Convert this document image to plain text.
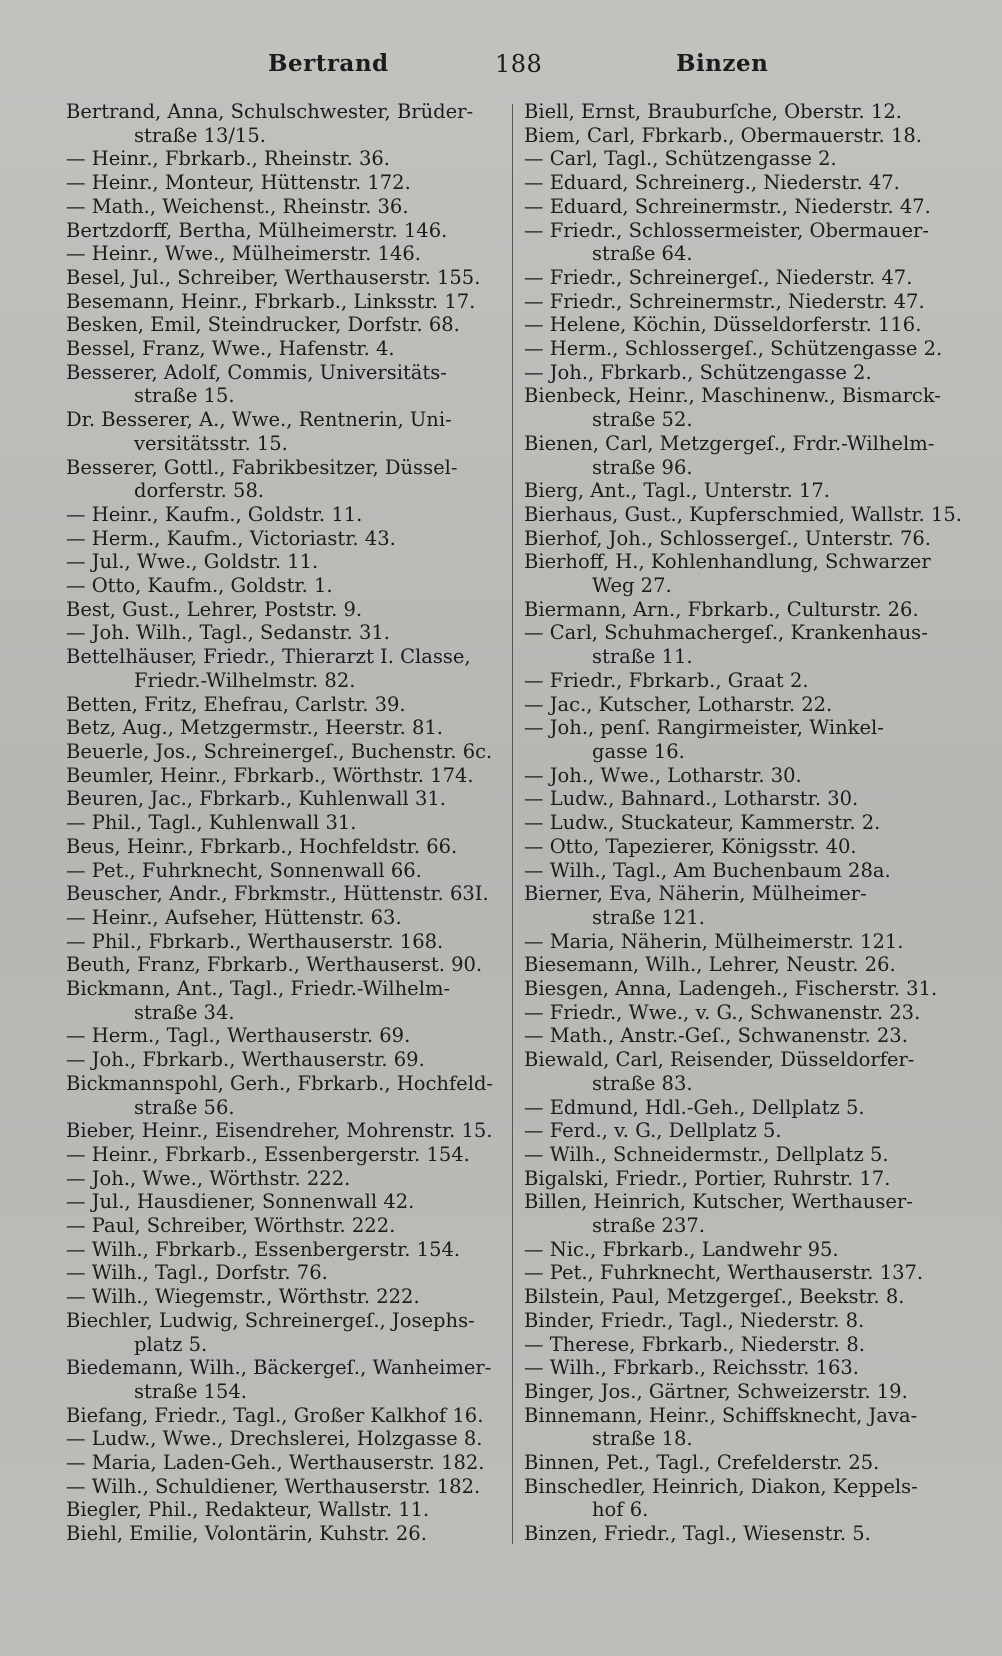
Bertrand	188	Binzen
Bertrand, Anna, Schulschwester, Brüder-
straße 13/15.
— Heinr., Fbrkarb., Rheinstr. 36.
— Heinr., Monteur, Hüttenstr. 172.
— Math., Weichenst., Rheinstr. 36.
Bertzdorff, Bertha, Mülheimerstr. 146.
— Heinr., Wwe., Mülheimerstr. 146.
Besel, Jul., Schreiber, Werthauserstr. 155.
Besemann, Heinr., Fbrkarb., Linksstr. 17.
Besken, Emil, Steindrucker, Dorfstr. 68.
Bessel, Franz, Wwe., Hafenstr. 4.
Besserer, Adolf, Commis, Universitäts-
straße 15.
Dr. Besserer, A., Wwe., Rentnerin, Uni-
versitätsstr. 15.
Besserer, Gottl., Fabrikbesitzer, Düssel-
dorferstr. 58.
— Heinr., Kaufm., Goldstr. 11.
— Herm., Kaufm., Victoriastr. 43.
— Jul., Wwe., Goldstr. 11.
— Otto, Kaufm., Goldstr. 1.
Best, Gust., Lehrer, Poststr. 9.
— Joh. Wilh., Tagl., Sedanstr. 31.
Bettelhäuser, Friedr., Thierarzt I. Classe,
Friedr.-Wilhelmstr. 82.
Betten, Fritz, Ehefrau, Carlstr. 39.
Betz, Aug., Metzgermstr., Heerstr. 81.
Beuerle, Jos., Schreinergeſ., Buchenstr. 6c.
Beumler, Heinr., Fbrkarb., Wörthstr. 174.
Beuren, Jac., Fbrkarb., Kuhlenwall 31.
— Phil., Tagl., Kuhlenwall 31.
Beus, Heinr., Fbrkarb., Hochfeldstr. 66.
— Pet., Fuhrknecht, Sonnenwall 66.
Beuscher, Andr., Fbrkmstr., Hüttenstr. 63I.
— Heinr., Aufseher, Hüttenstr. 63.
— Phil., Fbrkarb., Werthauserstr. 168.
Beuth, Franz, Fbrkarb., Werthauserst. 90.
Bickmann, Ant., Tagl., Friedr.-Wilhelm-
straße 34.
— Herm., Tagl., Werthauserstr. 69.
— Joh., Fbrkarb., Werthauserstr. 69.
Bickmannspohl, Gerh., Fbrkarb., Hochfeld-
straße 56.
Bieber, Heinr., Eisendreher, Mohrenstr. 15.
— Heinr., Fbrkarb., Essenbergerstr. 154.
— Joh., Wwe., Wörthstr. 222.
— Jul., Hausdiener, Sonnenwall 42.
— Paul, Schreiber, Wörthstr. 222.
— Wilh., Fbrkarb., Essenbergerstr. 154.
— Wilh., Tagl., Dorfstr. 76.
— Wilh., Wiegemstr., Wörthstr. 222.
Biechler, Ludwig, Schreinergeſ., Josephs-
platz 5.
Biedemann, Wilh., Bäckergeſ., Wanheimer-
straße 154.
Biefang, Friedr., Tagl., Großer Kalkhof 16.
— Ludw., Wwe., Drechslerei, Holzgasse 8.
— Maria, Laden-Geh., Werthauserstr. 182.
— Wilh., Schuldiener, Werthauserstr. 182.
Biegler, Phil., Redakteur, Wallstr. 11.
Biehl, Emilie, Volontärin, Kuhstr. 26.
Biell, Ernst, Brauburſche, Oberstr. 12.
Biem, Carl, Fbrkarb., Obermauerstr. 18.
— Carl, Tagl., Schützengasse 2.
— Eduard, Schreinerg., Niederstr. 47.
— Eduard, Schreinermstr., Niederstr. 47.
— Friedr., Schlossermeister, Obermauer-
straße 64.
— Friedr., Schreinergeſ., Niederstr. 47.
— Friedr., Schreinermstr., Niederstr. 47.
— Helene, Köchin, Düsseldorferstr. 116.
— Herm., Schlossergeſ., Schützengasse 2.
— Joh., Fbrkarb., Schützengasse 2.
Bienbeck, Heinr., Maschinenw., Bismarck-
straße 52.
Bienen, Carl, Metzgergeſ., Frdr.-Wilhelm-
straße 96.
Bierg, Ant., Tagl., Unterstr. 17.
Bierhaus, Gust., Kupferschmied, Wallstr. 15.
Bierhof, Joh., Schlossergeſ., Unterstr. 76.
Bierhoff, H., Kohlenhandlung, Schwarzer
Weg 27.
Biermann, Arn., Fbrkarb., Culturstr. 26.
— Carl, Schuhmachergeſ., Krankenhaus-
straße 11.
— Friedr., Fbrkarb., Graat 2.
— Jac., Kutscher, Lotharstr. 22.
— Joh., penſ. Rangirmeister, Winkel-
gasse 16.
— Joh., Wwe., Lotharstr. 30.
— Ludw., Bahnard., Lotharstr. 30.
— Ludw., Stuckateur, Kammerstr. 2.
— Otto, Tapezierer, Königsstr. 40.
— Wilh., Tagl., Am Buchenbaum 28a.
Bierner, Eva, Näherin, Mülheimer-
straße 121.
— Maria, Näherin, Mülheimerstr. 121.
Biesemann, Wilh., Lehrer, Neustr. 26.
Biesgen, Anna, Ladengeh., Fischerstr. 31.
— Friedr., Wwe., v. G., Schwanenstr. 23.
— Math., Anstr.-Geſ., Schwanenstr. 23.
Biewald, Carl, Reisender, Düsseldorfer-
straße 83.
— Edmund, Hdl.-Geh., Dellplatz 5.
— Ferd., v. G., Dellplatz 5.
— Wilh., Schneidermstr., Dellplatz 5.
Bigalski, Friedr., Portier, Ruhrstr. 17.
Billen, Heinrich, Kutscher, Werthauser-
straße 237.
— Nic., Fbrkarb., Landwehr 95.
— Pet., Fuhrknecht, Werthauserstr. 137.
Bilstein, Paul, Metzgergeſ., Beekstr. 8.
Binder, Friedr., Tagl., Niederstr. 8.
— Therese, Fbrkarb., Niederstr. 8.
— Wilh., Fbrkarb., Reichsstr. 163.
Binger, Jos., Gärtner, Schweizerstr. 19.
Binnemann, Heinr., Schiffsknecht, Java-
straße 18.
Binnen, Pet., Tagl., Crefelderstr. 25.
Binschedler, Heinrich, Diakon, Keppels-
hof 6.
Binzen, Friedr., Tagl., Wiesenstr. 5.
